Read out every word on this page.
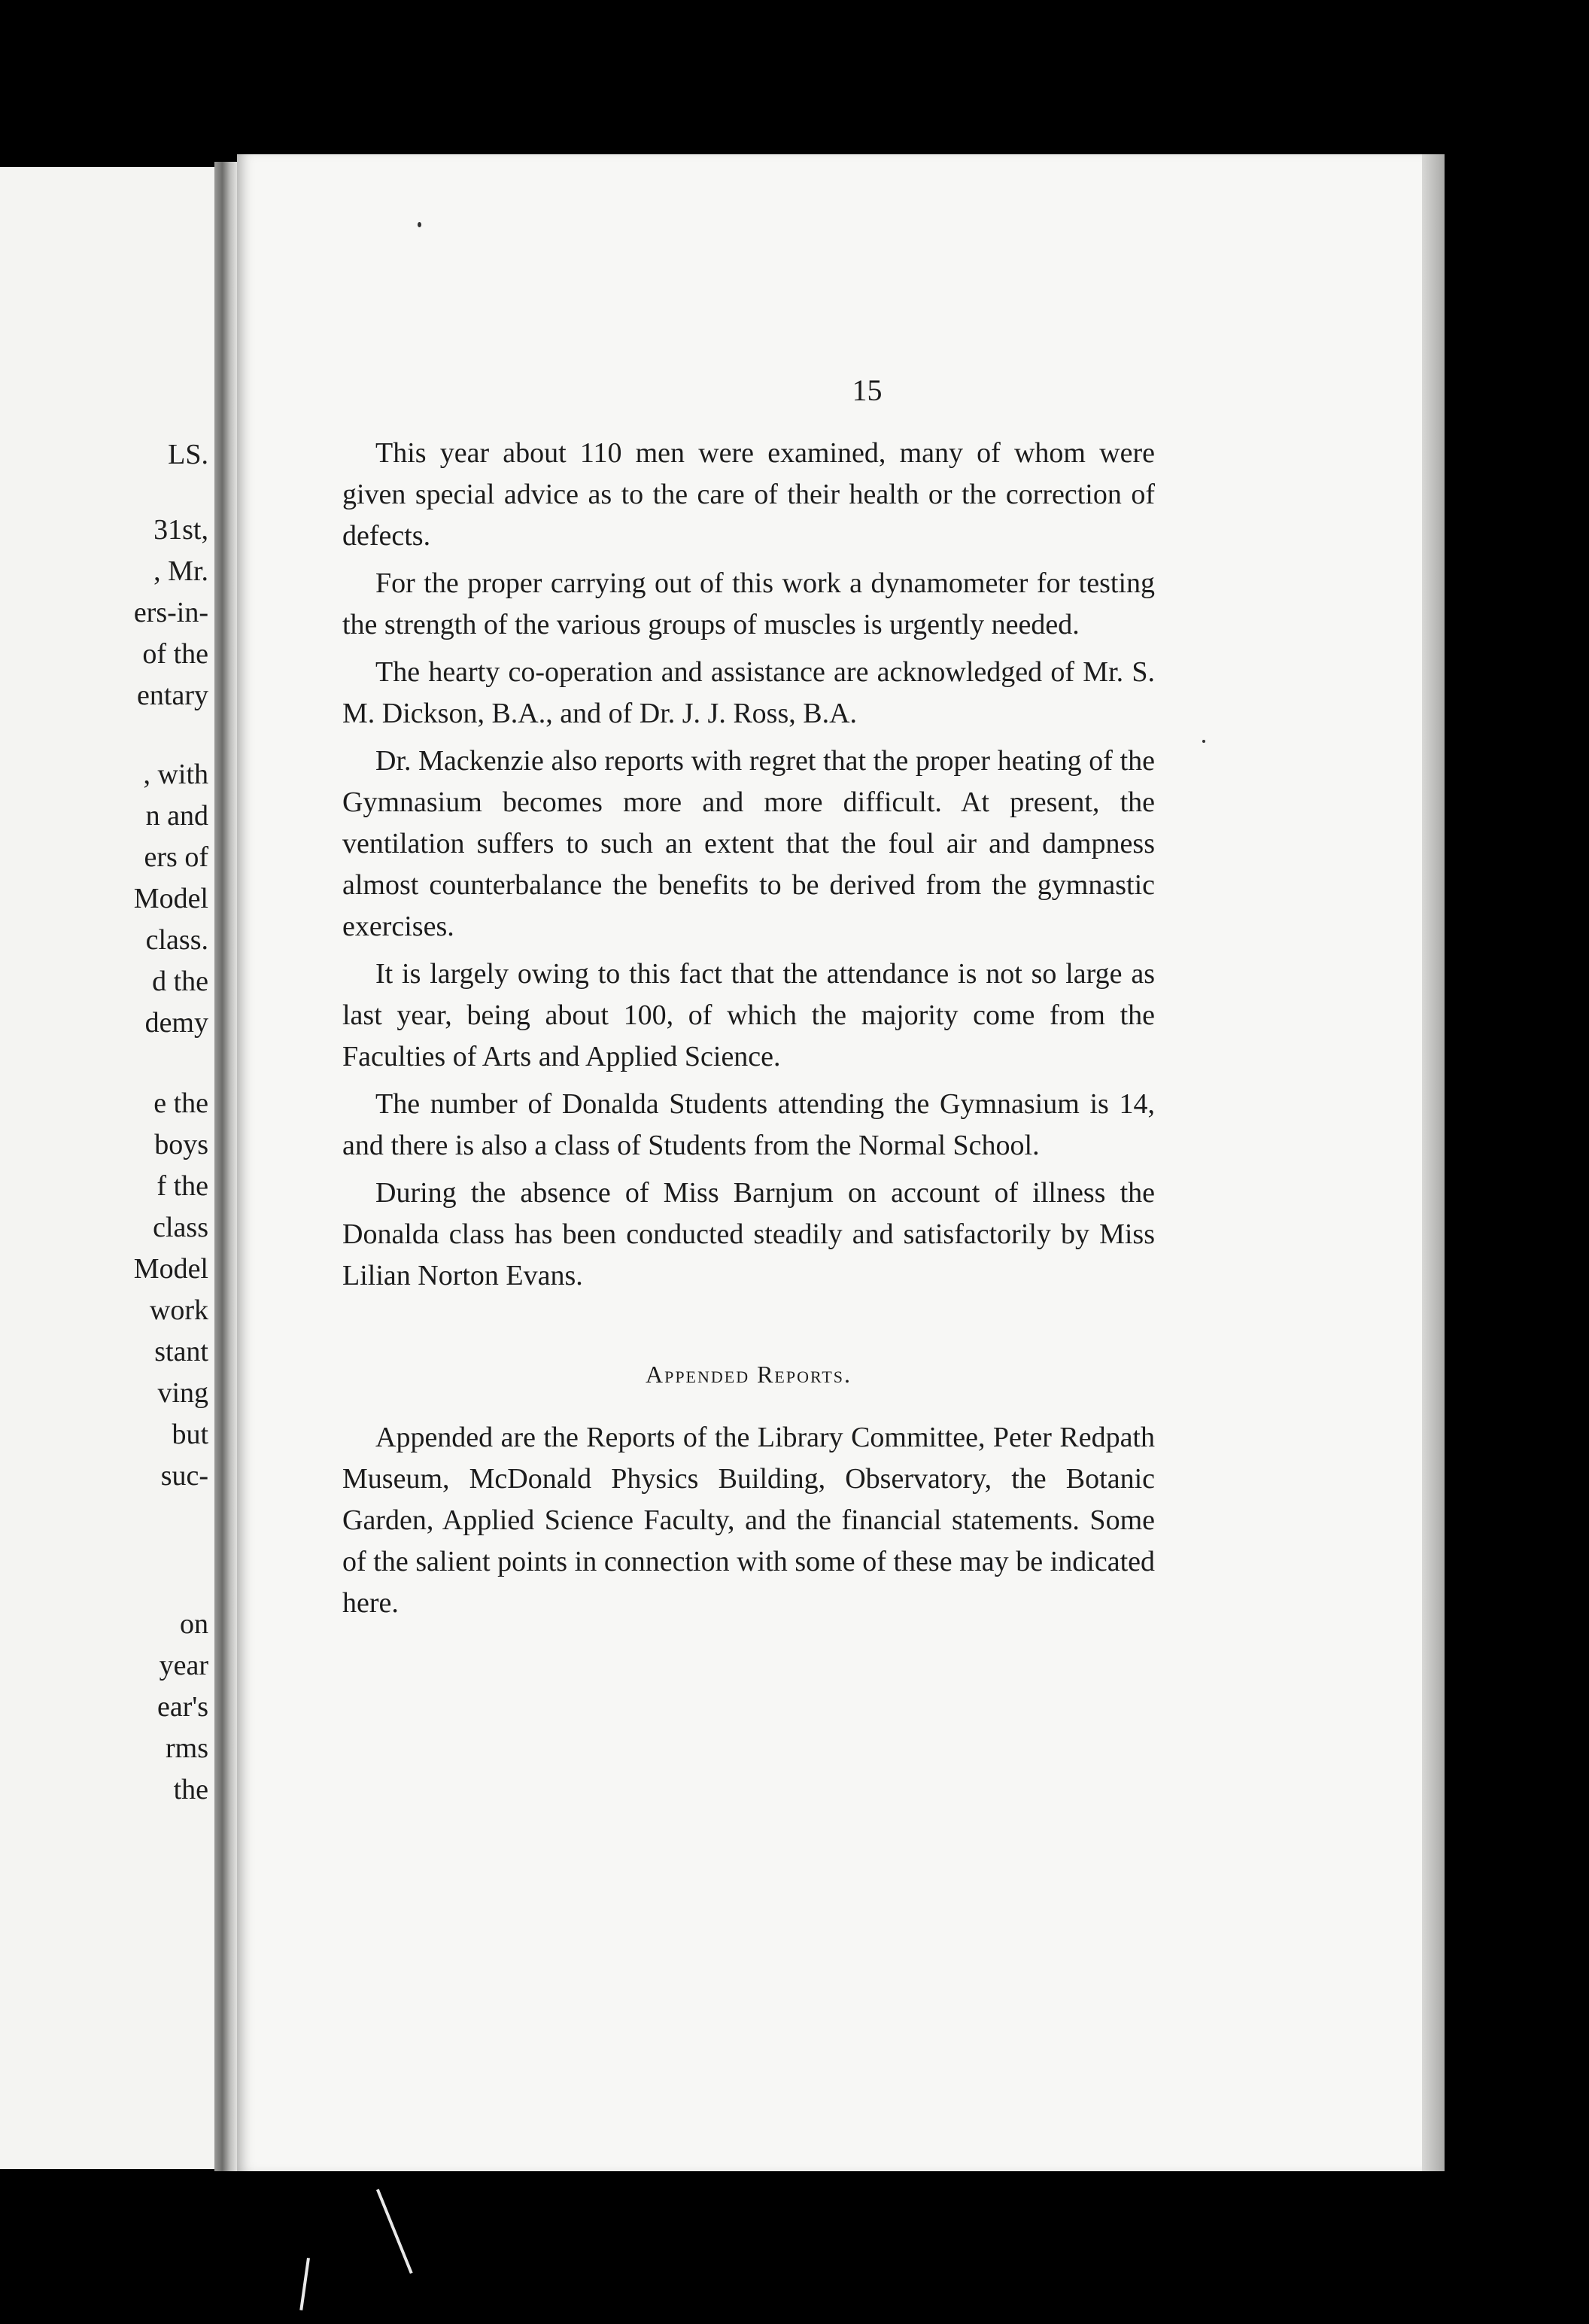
LS.
31st,
, Mr.
ers-in-
of the
entary
, with
n and
ers of
Model
class.
d the
demy
e the
boys
f the
class
Model
work
stant
ving
but
suc-
on
year
ear's
rms
the
15

This year about 110 men were examined, many of whom were given special advice as to the care of their health or the correction of defects.

For the proper carrying out of this work a dynamometer for testing the strength of the various groups of muscles is urgently needed.

The hearty co-operation and assistance are acknowledged of Mr. S. M. Dickson, B.A., and of Dr. J. J. Ross, B.A.

Dr. Mackenzie also reports with regret that the proper heating of the Gymnasium becomes more and more difficult. At present, the ventilation suffers to such an extent that the foul air and dampness almost counterbalance the benefits to be derived from the gymnastic exercises.

It is largely owing to this fact that the attendance is not so large as last year, being about 100, of which the majority come from the Faculties of Arts and Applied Science.

The number of Donalda Students attending the Gymnasium is 14, and there is also a class of Students from the Normal School.

During the absence of Miss Barnjum on account of illness the Donalda class has been conducted steadily and satisfactorily by Miss Lilian Norton Evans.

Appended Reports.

Appended are the Reports of the Library Committee, Peter Redpath Museum, McDonald Physics Building, Observatory, the Botanic Garden, Applied Science Faculty, and the financial statements. Some of the salient points in connection with some of these may be indicated here.
